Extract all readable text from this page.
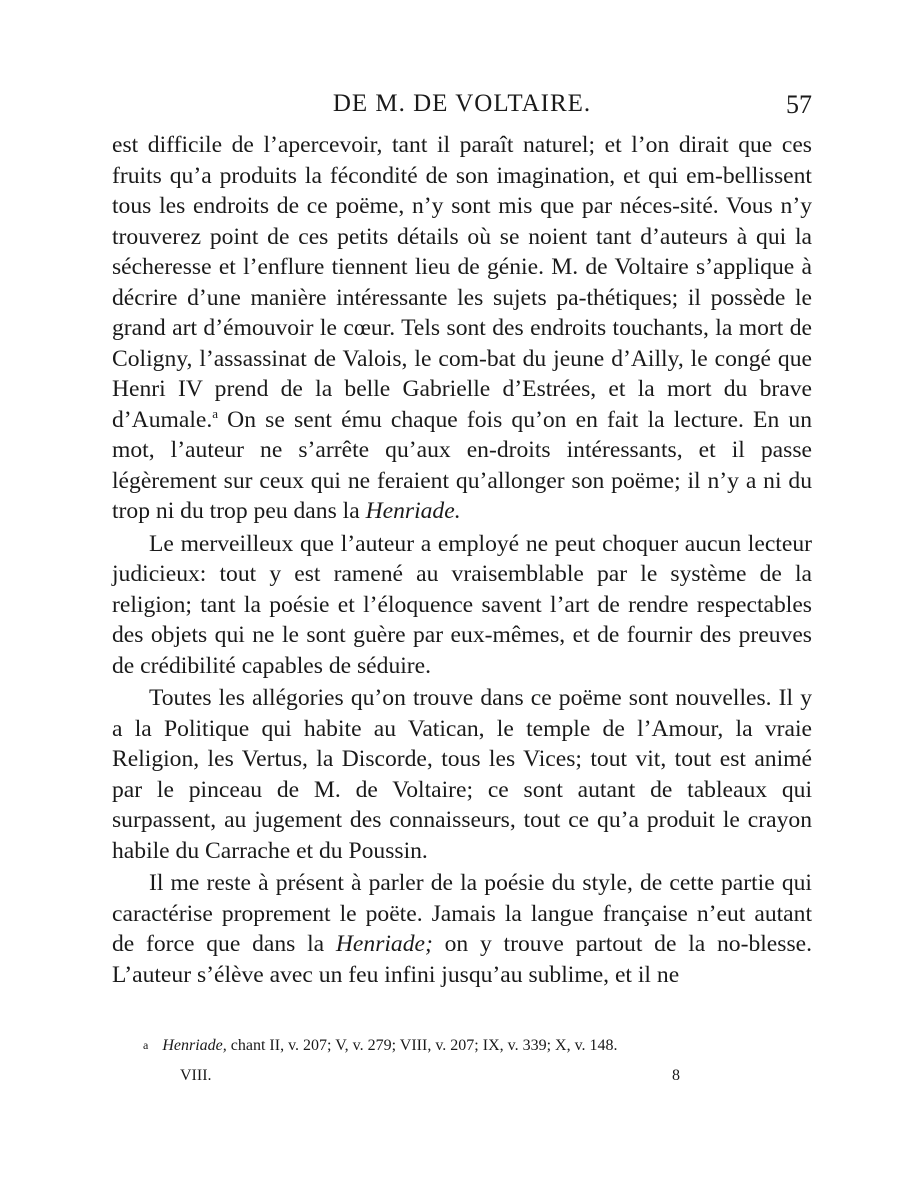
DE M. DE VOLTAIRE.	57

est difficile de l’apercevoir, tant il paraît naturel; et l’on dirait que ces fruits qu’a produits la fécondité de son imagination, et qui em-bellissent tous les endroits de ce poëme, n’y sont mis que par néces-sité. Vous n’y trouverez point de ces petits détails où se noient tant d’auteurs à qui la sécheresse et l’enflure tiennent lieu de génie. M. de Voltaire s’applique à décrire d’une manière intéressante les sujets pa-thétiques; il possède le grand art d’émouvoir le cœur. Tels sont des endroits touchants, la mort de Coligny, l’assassinat de Valois, le com-bat du jeune d’Ailly, le congé que Henri IV prend de la belle Gabrielle d’Estrées, et la mort du brave d’Aumale.$^a$ On se sent ému chaque fois qu’on en fait la lecture. En un mot, l’auteur ne s’arrête qu’aux en-droits intéressants, et il passe légèrement sur ceux qui ne feraient qu’allonger son poëme; il n’y a ni du trop ni du trop peu dans la Henriade.

Le merveilleux que l’auteur a employé ne peut choquer aucun lecteur judicieux: tout y est ramené au vraisemblable par le système de la religion; tant la poésie et l’éloquence savent l’art de rendre respectables des objets qui ne le sont guère par eux-mêmes, et de fournir des preuves de crédibilité capables de séduire.

Toutes les allégories qu’on trouve dans ce poëme sont nouvelles. Il y a la Politique qui habite au Vatican, le temple de l’Amour, la vraie Religion, les Vertus, la Discorde, tous les Vices; tout vit, tout est animé par le pinceau de M. de Voltaire; ce sont autant de tableaux qui surpassent, au jugement des connaisseurs, tout ce qu’a produit le crayon habile du Carrache et du Poussin.

Il me reste à présent à parler de la poésie du style, de cette partie qui caractérise proprement le poëte. Jamais la langue française n’eut autant de force que dans la Henriade; on y trouve partout de la no-blesse. L’auteur s’élève avec un feu infini jusqu’au sublime, et il ne

a Henriade, chant II, v. 207; V, v. 279; VIII, v. 207; IX, v. 339; X, v. 148.
VIII.	8
